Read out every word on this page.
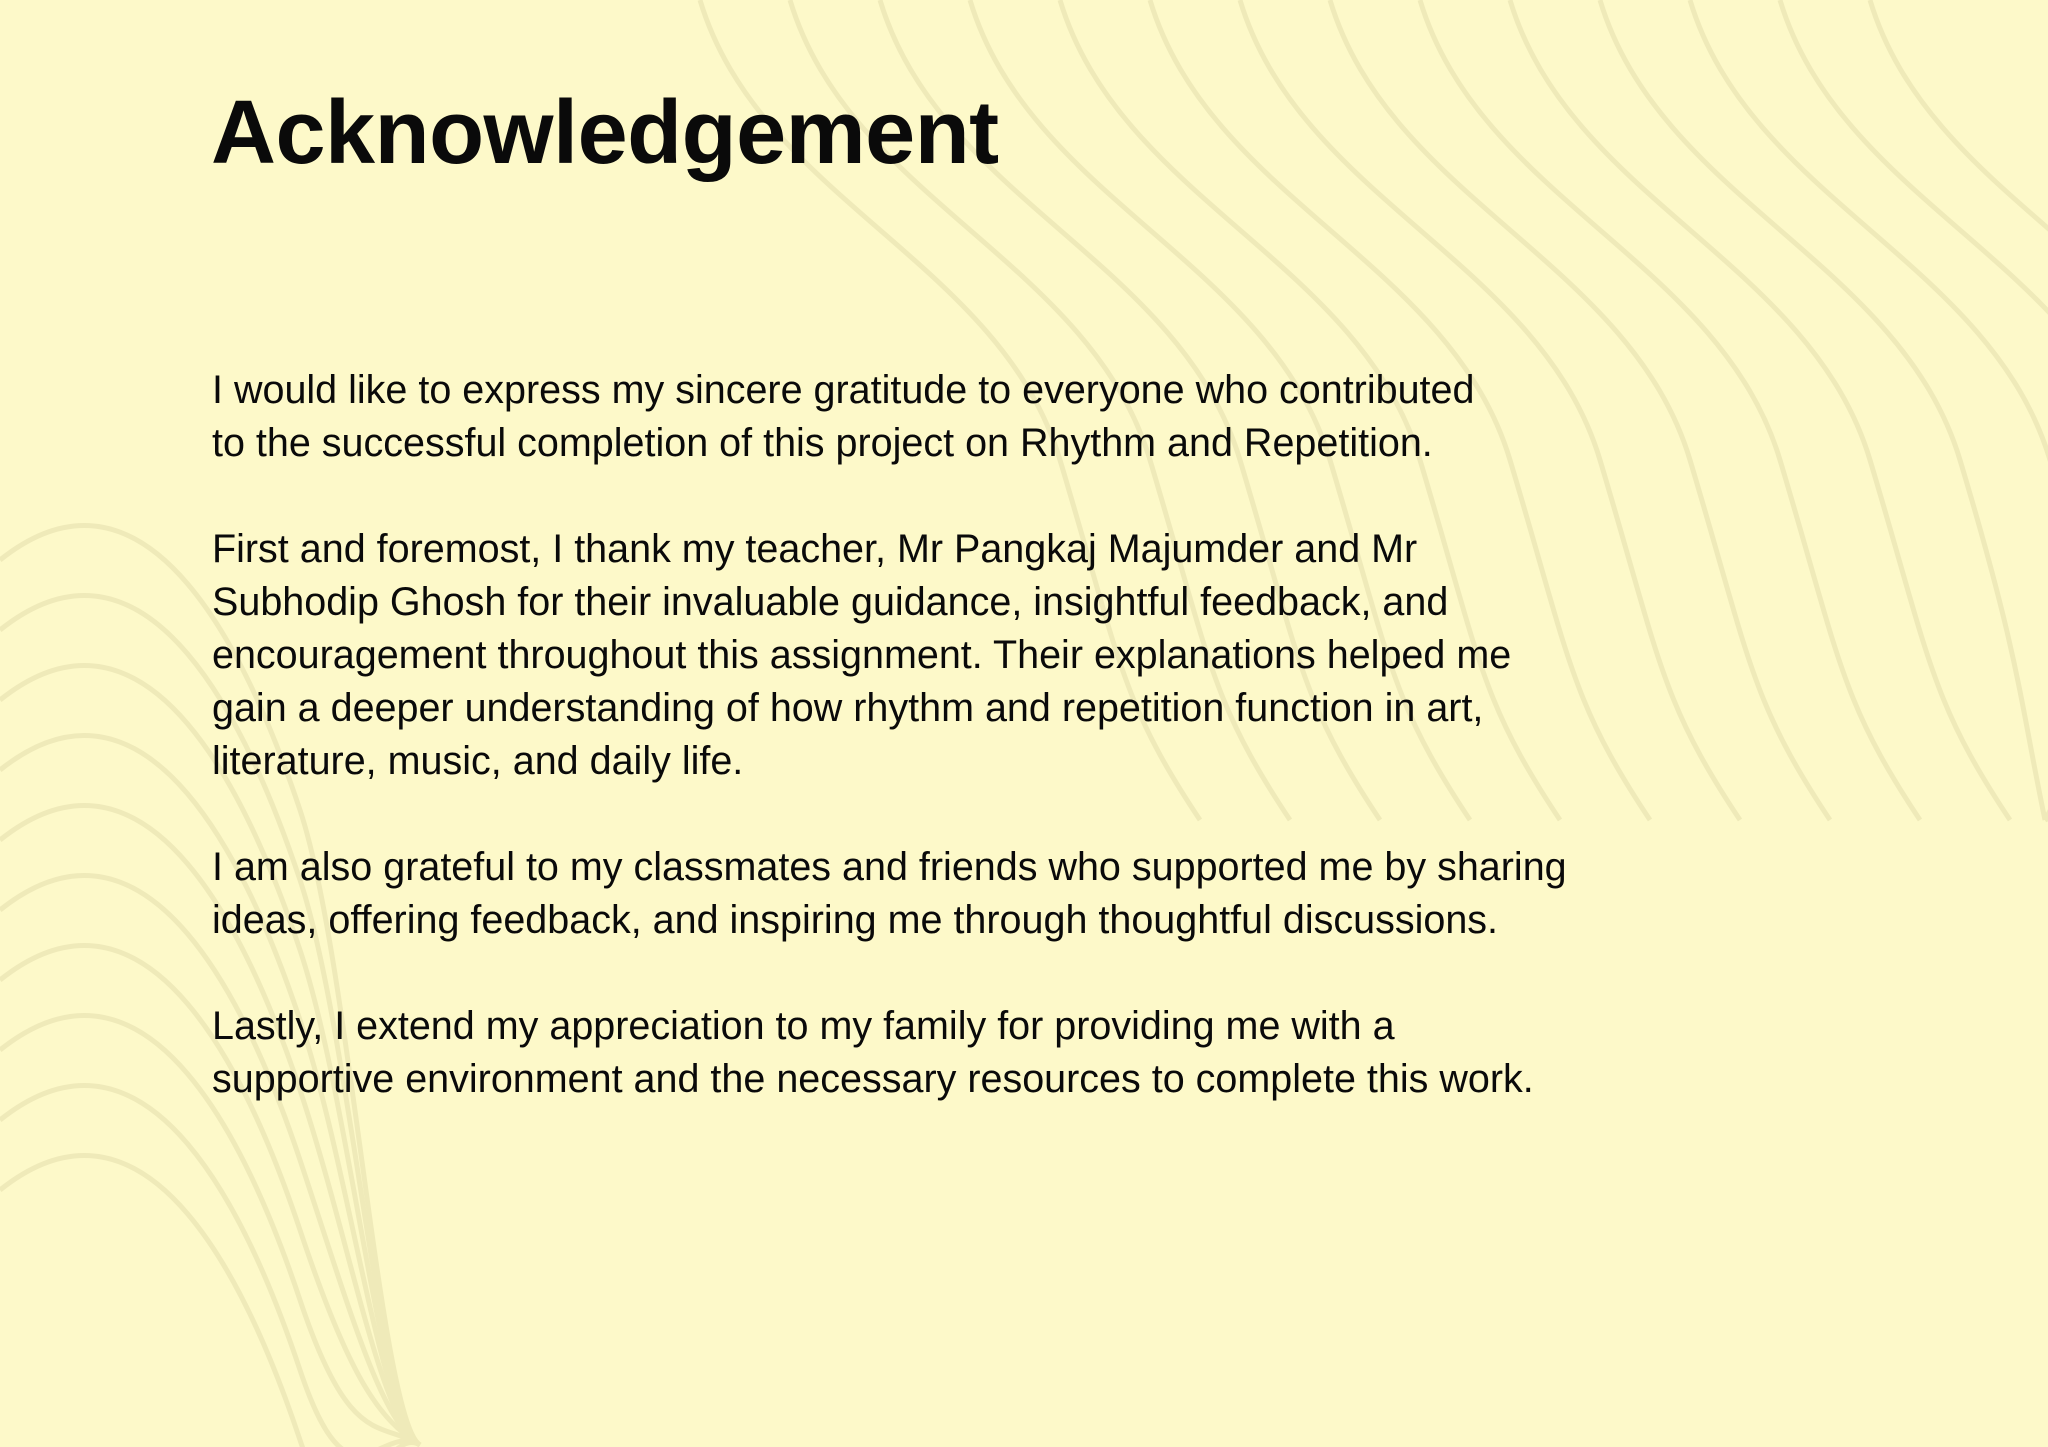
Acknowledgement
I would like to express my sincere gratitude to everyone who contributed
to the successful completion of this project on Rhythm and Repetition.
First and foremost, I thank my teacher, Mr Pangkaj Majumder and Mr
Subhodip Ghosh for their invaluable guidance, insightful feedback, and
encouragement throughout this assignment. Their explanations helped me
gain a deeper understanding of how rhythm and repetition function in art,
literature, music, and daily life.
I am also grateful to my classmates and friends who supported me by sharing
ideas, offering feedback, and inspiring me through thoughtful discussions.
Lastly, I extend my appreciation to my family for providing me with a
supportive environment and the necessary resources to complete this work.
